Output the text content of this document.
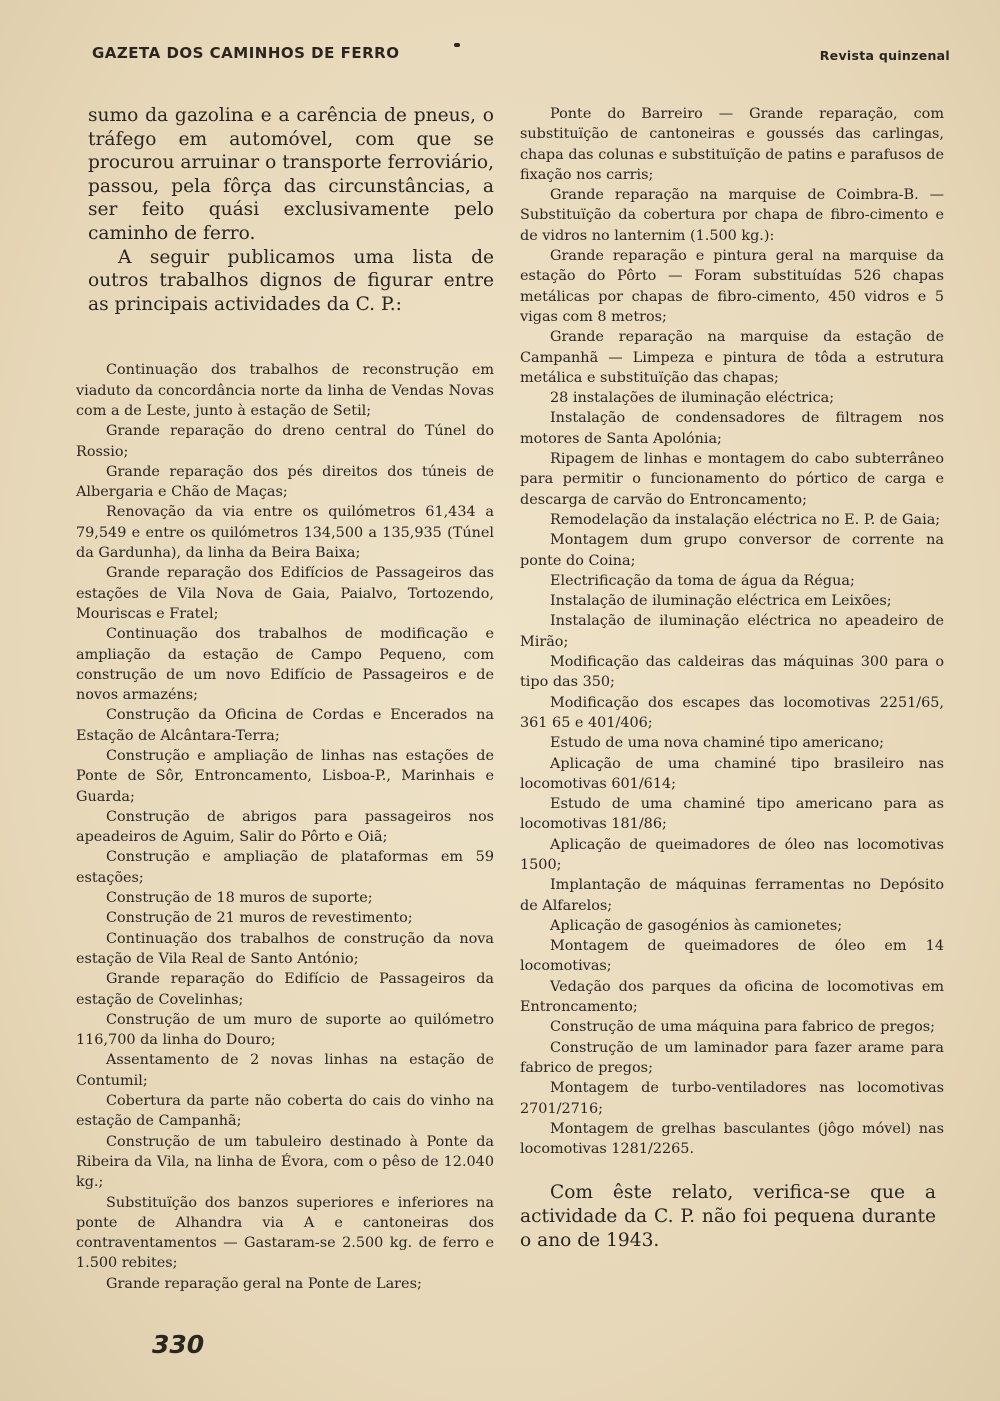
GAZETA DOS CAMINHOS DE FERRO	Revista quinzenal

sumo da gazolina e a carência de pneus, o tráfego em automóvel, com que se procurou arruinar o transporte ferroviário, passou, pela fôrça das circunstâncias, a ser feito quási exclusivamente pelo caminho de ferro.

A seguir publicamos uma lista de outros trabalhos dignos de figurar entre as principais actividades da C. P.:

Continuação dos trabalhos de reconstrução em viaduto da concordância norte da linha de Vendas Novas com a de Leste, junto à estação de Setil;

Grande reparação do dreno central do Túnel do Rossio;

Grande reparação dos pés direitos dos túneis de Albergaria e Chão de Maças;

Renovação da via entre os quilómetros 61,434 a 79,549 e entre os quilómetros 134,500 a 135,935 (Túnel da Gardunha), da linha da Beira Baixa;

Grande reparação dos Edifícios de Passageiros das estações de Vila Nova de Gaia, Paialvo, Tortozendo, Mouriscas e Fratel;

Continuação dos trabalhos de modificação e ampliação da estação de Campo Pequeno, com construção de um novo Edifício de Passageiros e de novos armazéns;

Construção da Oficina de Cordas e Encerados na Estação de Alcântara-Terra;

Construção e ampliação de linhas nas estações de Ponte de Sôr, Entroncamento, Lisboa-P., Marinhais e Guarda;

Construção de abrigos para passageiros nos apeadeiros de Aguim, Salir do Pôrto e Oiã;

Construção e ampliação de plataformas em 59 estações;

Construção de 18 muros de suporte;

Construção de 21 muros de revestimento;

Continuação dos trabalhos de construção da nova estação de Vila Real de Santo António;

Grande reparação do Edifício de Passageiros da estação de Covelinhas;

Construção de um muro de suporte ao quilómetro 116,700 da linha do Douro;

Assentamento de 2 novas linhas na estação de Contumil;

Cobertura da parte não coberta do cais do vinho na estação de Campanhã;

Construção de um tabuleiro destinado à Ponte da Ribeira da Vila, na linha de Évora, com o pêso de 12.040 kg.;

Substituïção dos banzos superiores e inferiores na ponte de Alhandra via A e cantoneiras dos contraventamentos — Gastaram-se 2.500 kg. de ferro e 1.500 rebites;

Grande reparação geral na Ponte de Lares;

Ponte do Barreiro — Grande reparação, com substituïção de cantoneiras e goussés das carlingas, chapa das colunas e substituïção de patins e parafusos de fixação nos carris;

Grande reparação na marquise de Coimbra-B. — Substituïção da cobertura por chapa de fibro-cimento e de vidros no lanternim (1.500 kg.):

Grande reparação e pintura geral na marquise da estação do Pôrto — Foram substituídas 526 chapas metálicas por chapas de fibro-cimento, 450 vidros e 5 vigas com 8 metros;

Grande reparação na marquise da estação de Campanhã — Limpeza e pintura de tôda a estrutura metálica e substituïção das chapas;

28 instalações de iluminação eléctrica;

Instalação de condensadores de filtragem nos motores de Santa Apolónia;

Ripagem de linhas e montagem do cabo subterrâneo para permitir o funcionamento do pórtico de carga e descarga de carvão do Entroncamento;

Remodelação da instalação eléctrica no E. P. de Gaia;

Montagem dum grupo conversor de corrente na ponte do Coina;

Electrificação da toma de água da Régua;

Instalação de iluminação eléctrica em Leixões;

Instalação de iluminação eléctrica no apeadeiro de Mirão;

Modificação das caldeiras das máquinas 300 para o tipo das 350;

Modificação dos escapes das locomotivas 2251/65, 361 65 e 401/406;

Estudo de uma nova chaminé tipo americano;

Aplicação de uma chaminé tipo brasileiro nas locomotivas 601/614;

Estudo de uma chaminé tipo americano para as locomotivas 181/86;

Aplicação de queimadores de óleo nas locomotivas 1500;

Implantação de máquinas ferramentas no Depósito de Alfarelos;

Aplicação de gasogénios às camionetes;

Montagem de queimadores de óleo em 14 locomotivas;

Vedação dos parques da oficina de locomotivas em Entroncamento;

Construção de uma máquina para fabrico de pregos;

Construção de um laminador para fazer arame para fabrico de pregos;

Montagem de turbo-ventiladores nas locomotivas 2701/2716;

Montagem de grelhas basculantes (jôgo móvel) nas locomotivas 1281/2265.

Com êste relato, verifica-se que a actividade da C. P. não foi pequena durante o ano de 1943.

330
